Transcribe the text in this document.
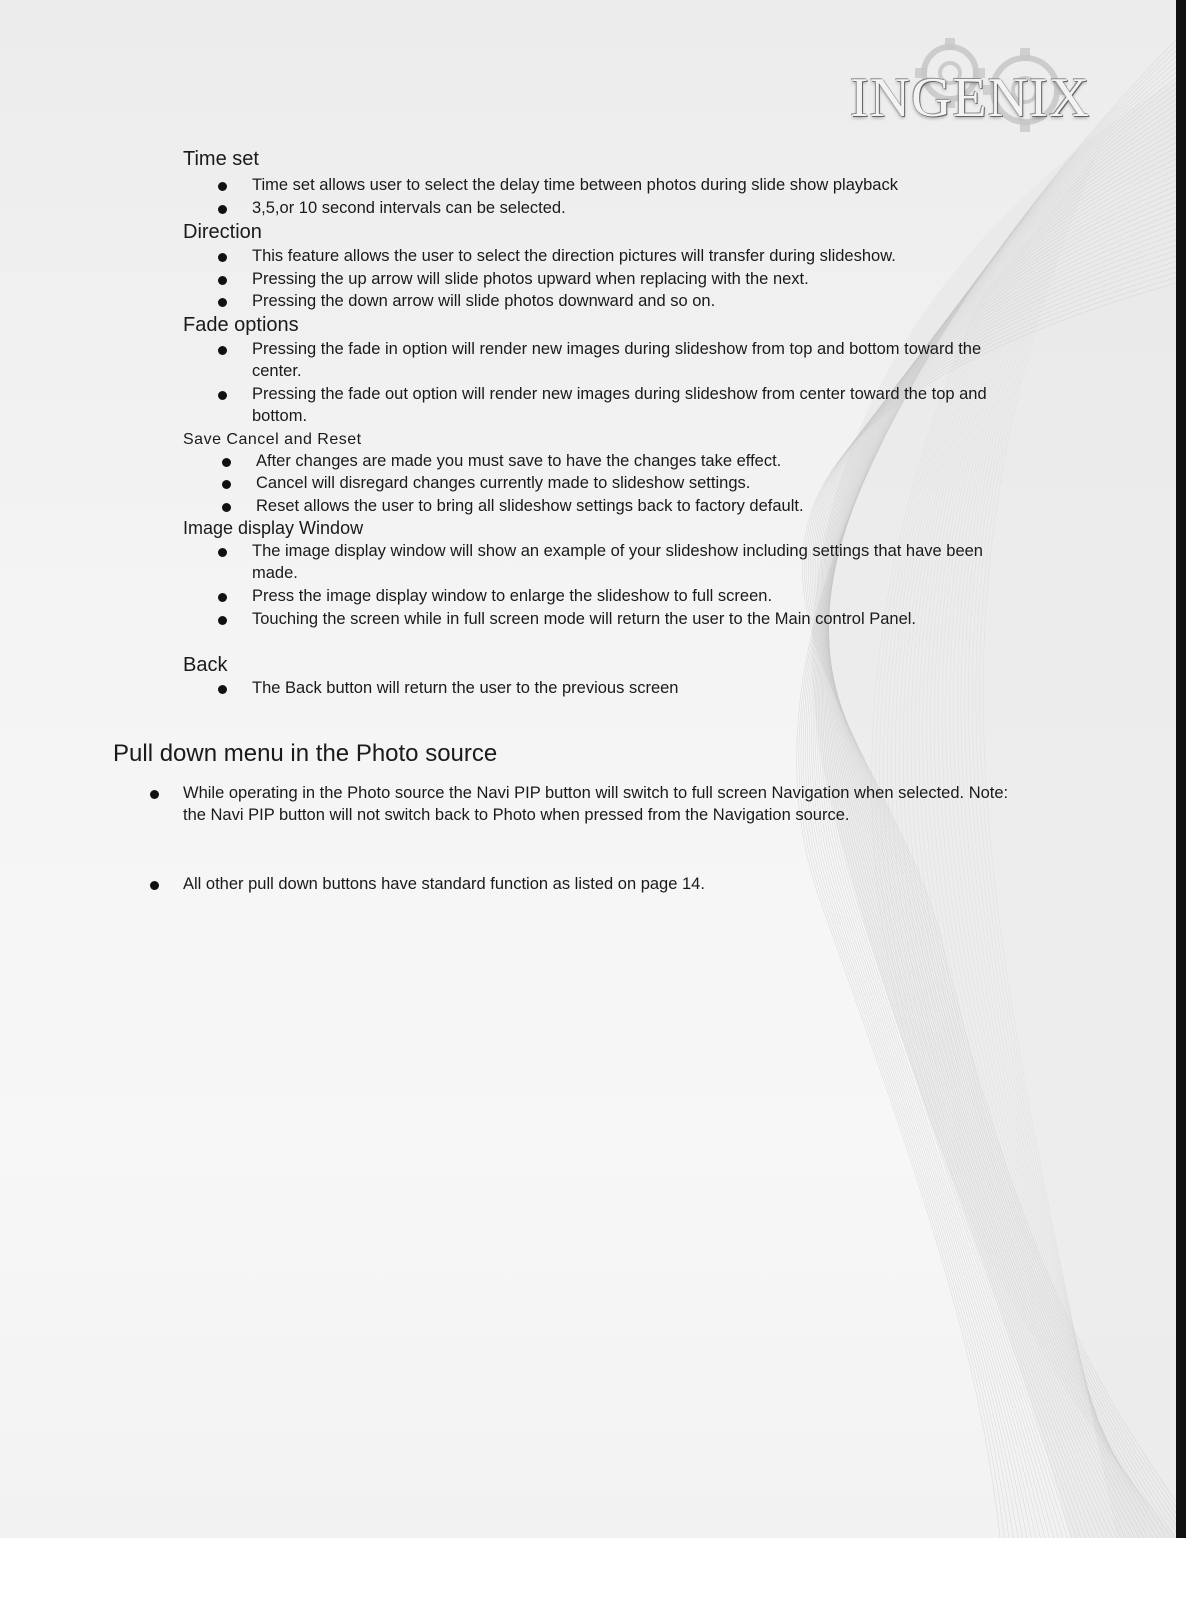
INGENIX
Time set
Time set allows user to select the delay time between photos during slide show playback
3,5,or 10 second intervals can be selected.
Direction
This feature allows the user to select the direction pictures will transfer during slideshow.
Pressing the up arrow will slide photos upward when replacing with the next.
Pressing the down arrow will slide photos downward and so on.
Fade options
Pressing the fade in option will render new images during slideshow from top and bottom toward the center.
Pressing the fade out option will render new images during slideshow from center toward the top and bottom.
Save Cancel and Reset
After changes are made you must save to have the changes take effect.
Cancel will disregard changes currently made to slideshow settings.
Reset allows the user to bring all slideshow settings back to factory default.
Image display Window
The image display window will show an example of your slideshow including settings that have been made.
Press the image display window to enlarge the slideshow to full screen.
Touching the screen while in full screen mode will return the user to the Main control Panel.
Back
The Back button will return the user to the previous screen
Pull down menu in the Photo source
While operating in the Photo source the Navi PIP button will switch to full screen Navigation when selected. Note: the Navi PIP button will not switch back to Photo when pressed from the Navigation source.
All other pull down buttons have standard function as listed on page 14.
